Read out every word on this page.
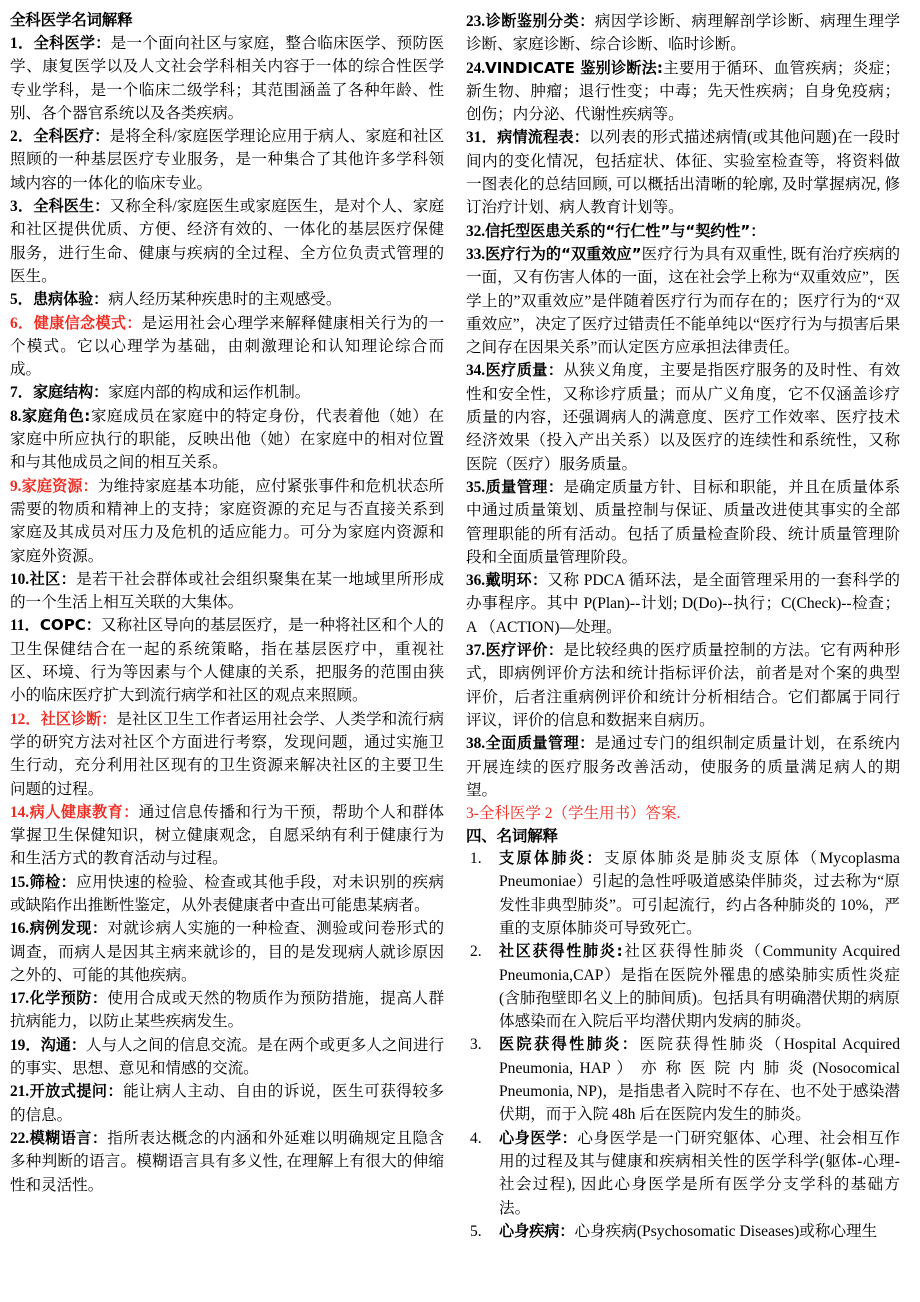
全科医学名词解释

1．全科医学：是一个面向社区与家庭，整合临床医学、预防医学、康复医学以及人文社会学科相关内容于一体的综合性医学专业学科，是一个临床二级学科；其范围涵盖了各种年龄、性别、各个器官系统以及各类疾病。

2．全科医疗：是将全科/家庭医学理论应用于病人、家庭和社区照顾的一种基层医疗专业服务，是一种集合了其他许多学科领域内容的一体化的临床专业。

3．全科医生：又称全科/家庭医生或家庭医生，是对个人、家庭和社区提供优质、方便、经济有效的、一体化的基层医疗保健服务，进行生命、健康与疾病的全过程、全方位负责式管理的医生。

5．患病体验：病人经历某种疾患时的主观感受。

6．健康信念模式：是运用社会心理学来解释健康相关行为的一个模式。它以心理学为基础，由刺激理论和认知理论综合而成。

7．家庭结构：家庭内部的构成和运作机制。

8.家庭角色:家庭成员在家庭中的特定身份，代表着他（她）在家庭中所应执行的职能，反映出他（她）在家庭中的相对位置和与其他成员之间的相互关系。

9.家庭资源：为维持家庭基本功能，应付紧张事件和危机状态所需要的物质和精神上的支持；家庭资源的充足与否直接关系到家庭及其成员对压力及危机的适应能力。可分为家庭内资源和家庭外资源。

10.社区：是若干社会群体或社会组织聚集在某一地域里所形成的一个生活上相互关联的大集体。

11．COPC：又称社区导向的基层医疗，是一种将社区和个人的卫生保健结合在一起的系统策略，指在基层医疗中，重视社区、环境、行为等因素与个人健康的关系，把服务的范围由狭小的临床医疗扩大到流行病学和社区的观点来照顾。

12．社区诊断：是社区卫生工作者运用社会学、人类学和流行病学的研究方法对社区个方面进行考察，发现问题，通过实施卫生行动，充分利用社区现有的卫生资源来解决社区的主要卫生问题的过程。

14.病人健康教育：通过信息传播和行为干预，帮助个人和群体掌握卫生保健知识，树立健康观念，自愿采纳有利于健康行为和生活方式的教育活动与过程。

15.筛检：应用快速的检验、检查或其他手段，对未识别的疾病或缺陷作出推断性鉴定，从外表健康者中查出可能患某病者。

16.病例发现：对就诊病人实施的一种检查、测验或问卷形式的调查，而病人是因其主病来就诊的，目的是发现病人就诊原因之外的、可能的其他疾病。

17.化学预防：使用合成或天然的物质作为预防措施，提高人群抗病能力，以防止某些疾病发生。

19．沟通：人与人之间的信息交流。是在两个或更多人之间进行的事实、思想、意见和情感的交流。

21.开放式提问：能让病人主动、自由的诉说，医生可获得较多的信息。

22.模糊语言：指所表达概念的内涵和外延难以明确规定且隐含多种判断的语言。模糊语言具有多义性, 在理解上有很大的伸缩性和灵活性。

23.诊断鉴别分类：病因学诊断、病理解剖学诊断、病理生理学诊断、家庭诊断、综合诊断、临时诊断。

24.VINDICATE 鉴别诊断法:主要用于循环、血管疾病；炎症；新生物、肿瘤；退行性变；中毒；先天性疾病；自身免疫病；创伤；内分泌、代谢性疾病等。

31．病情流程表：以列表的形式描述病情(或其他问题)在一段时间内的变化情况，包括症状、体征、实验室检查等，将资料做一图表化的总结回顾, 可以概括出清晰的轮廓, 及时掌握病况, 修订治疗计划、病人教育计划等。

32.信托型医患关系的“行仁性”与“契约性”：

33.医疗行为的“双重效应”医疗行为具有双重性, 既有治疗疾病的一面，又有伤害人体的一面，这在社会学上称为“双重效应”，医学上的”双重效应”是伴随着医疗行为而存在的；医疗行为的“双重效应”，决定了医疗过错责任不能单纯以“医疗行为与损害后果之间存在因果关系”而认定医方应承担法律责任。

34.医疗质量：从狭义角度，主要是指医疗服务的及时性、有效性和安全性，又称诊疗质量；而从广义角度，它不仅涵盖诊疗质量的内容，还强调病人的满意度、医疗工作效率、医疗技术经济效果（投入产出关系）以及医疗的连续性和系统性，又称医院（医疗）服务质量。

35.质量管理：是确定质量方针、目标和职能，并且在质量体系中通过质量策划、质量控制与保证、质量改进使其事实的全部管理职能的所有活动。包括了质量检查阶段、统计质量管理阶段和全面质量管理阶段。

36.戴明环：又称 PDCA 循环法，是全面管理采用的一套科学的办事程序。其中 P(Plan)--计划; D(Do)--执行；C(Check)--检查；A （ACTION)—处理。

37.医疗评价：是比较经典的医疗质量控制的方法。它有两种形式，即病例评价方法和统计指标评价法，前者是对个案的典型评价，后者注重病例评价和统计分析相结合。它们都属于同行评议，评价的信息和数据来自病历。

38.全面质量管理：是通过专门的组织制定质量计划，在系统内开展连续的医疗服务改善活动，使服务的质量满足病人的期望。

3-全科医学 2（学生用书）答案.

四、名词解释

1. 支原体肺炎：支原体肺炎是肺炎支原体（Mycoplasma Pneumoniae）引起的急性呼吸道感染伴肺炎，过去称为“原发性非典型肺炎”。可引起流行，约占各种肺炎的 10%，严重的支原体肺炎可导致死亡。
2. 社区获得性肺炎:社区获得性肺炎（Community Acquired Pneumonia,CAP）是指在医院外罹患的感染肺实质性炎症(含肺孢壁即名义上的肺间质)。包括具有明确潜伏期的病原体感染而在入院后平均潜伏期内发病的肺炎。
3. 医院获得性肺炎：医院获得性肺炎（Hospital Acquired Pneumonia, HAP ） 亦 称 医 院 内 肺 炎 (Nosocomical Pneumonia, NP)，是指患者入院时不存在、也不处于感染潜伏期，而于入院 48h 后在医院内发生的肺炎。
4. 心身医学：心身医学是一门研究躯体、心理、社会相互作用的过程及其与健康和疾病相关性的医学科学(躯体-心理-社会过程), 因此心身医学是所有医学分支学科的基础方法。
5. 心身疾病：心身疾病(Psychosomatic Diseases)或称心理生
